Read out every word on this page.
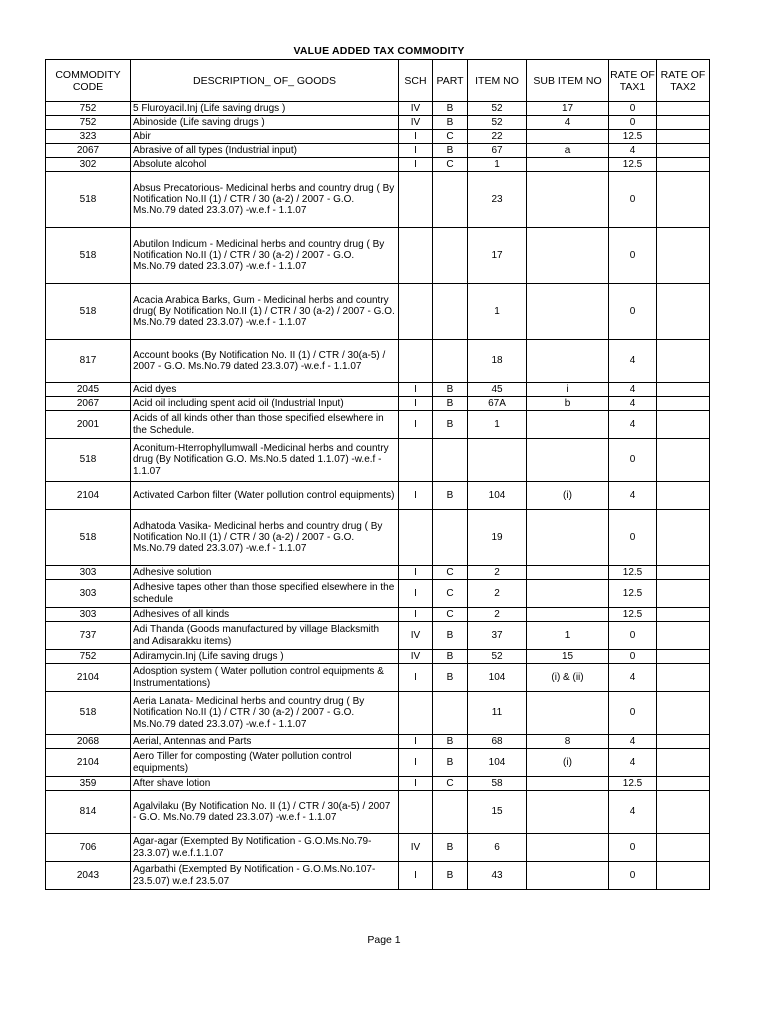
VALUE ADDED TAX COMMODITY
COMMODITY CODE	DESCRIPTION_ OF_ GOODS	SCH	PART	ITEM NO	SUB ITEM NO	RATE OF TAX1	RATE OF TAX2
752	5 Fluroyacil.Inj (Life saving drugs )	IV	B	52	17	0	
752	Abinoside (Life saving drugs )	IV	B	52	4	0	
323	Abir	I	C	22		12.5	
2067	Abrasive of all types (Industrial input)	I	B	67	a	4	
302	Absolute alcohol	I	C	1		12.5	
518	Absus Precatorious- Medicinal herbs and country drug ( By Notification No.II (1) / CTR / 30 (a-2) / 2007 - G.O. Ms.No.79 dated 23.3.07) -w.e.f - 1.1.07			23		0	
518	Abutilon Indicum - Medicinal herbs and country drug ( By Notification No.II (1) / CTR / 30 (a-2) / 2007 - G.O. Ms.No.79 dated 23.3.07) -w.e.f - 1.1.07			17		0	
518	Acacia Arabica Barks, Gum - Medicinal herbs and country drug( By Notification No.II (1) / CTR / 30 (a-2) / 2007 - G.O. Ms.No.79 dated 23.3.07) -w.e.f - 1.1.07			1		0	
817	Account books (By Notification No. II (1) / CTR / 30(a-5) / 2007 - G.O. Ms.No.79 dated 23.3.07) -w.e.f - 1.1.07			18		4	
2045	Acid dyes	I	B	45	i	4	
2067	Acid oil including spent acid oil (Industrial Input)	I	B	67A	b	4	
2001	Acids of all kinds other than those specified elsewhere in the Schedule.	I	B	1		4	
518	Aconitum-Hterrophyllumwall -Medicinal herbs and country drug (By Notification G.O. Ms.No.5 dated 1.1.07) -w.e.f - 1.1.07					0	
2104	Activated Carbon filter (Water pollution control equipments)	I	B	104	(i)	4	
518	Adhatoda Vasika- Medicinal herbs and country drug ( By Notification No.II (1) / CTR / 30 (a-2) / 2007 - G.O. Ms.No.79 dated 23.3.07) -w.e.f - 1.1.07			19		0	
303	Adhesive solution	I	C	2		12.5	
303	Adhesive tapes other than those specified elsewhere in the schedule	I	C	2		12.5	
303	Adhesives of all kinds	I	C	2		12.5	
737	Adi Thanda (Goods manufactured by village Blacksmith and Adisarakku items)	IV	B	37	1	0	
752	Adiramycin.Inj (Life saving drugs )	IV	B	52	15	0	
2104	Adosption system ( Water pollution control equipments & Instrumentations)	I	B	104	(i) & (ii)	4	
518	Aeria Lanata- Medicinal herbs and country drug ( By Notification No.II (1) / CTR / 30 (a-2) / 2007 - G.O. Ms.No.79 dated 23.3.07) -w.e.f - 1.1.07			11		0	
2068	Aerial, Antennas and Parts	I	B	68	8	4	
2104	Aero Tiller for composting (Water pollution control equipments)	I	B	104	(i)	4	
359	After shave lotion	I	C	58		12.5	
814	Agalvilaku (By Notification No. II (1) / CTR / 30(a-5) / 2007 - G.O. Ms.No.79 dated 23.3.07) -w.e.f - 1.1.07			15		4	
706	Agar-agar (Exempted By Notification - G.O.Ms.No.79-23.3.07) w.e.f.1.1.07	IV	B	6		0	
2043	Agarbathi (Exempted By Notification - G.O.Ms.No.107-23.5.07) w.e.f 23.5.07	I	B	43		0	
Page 1
